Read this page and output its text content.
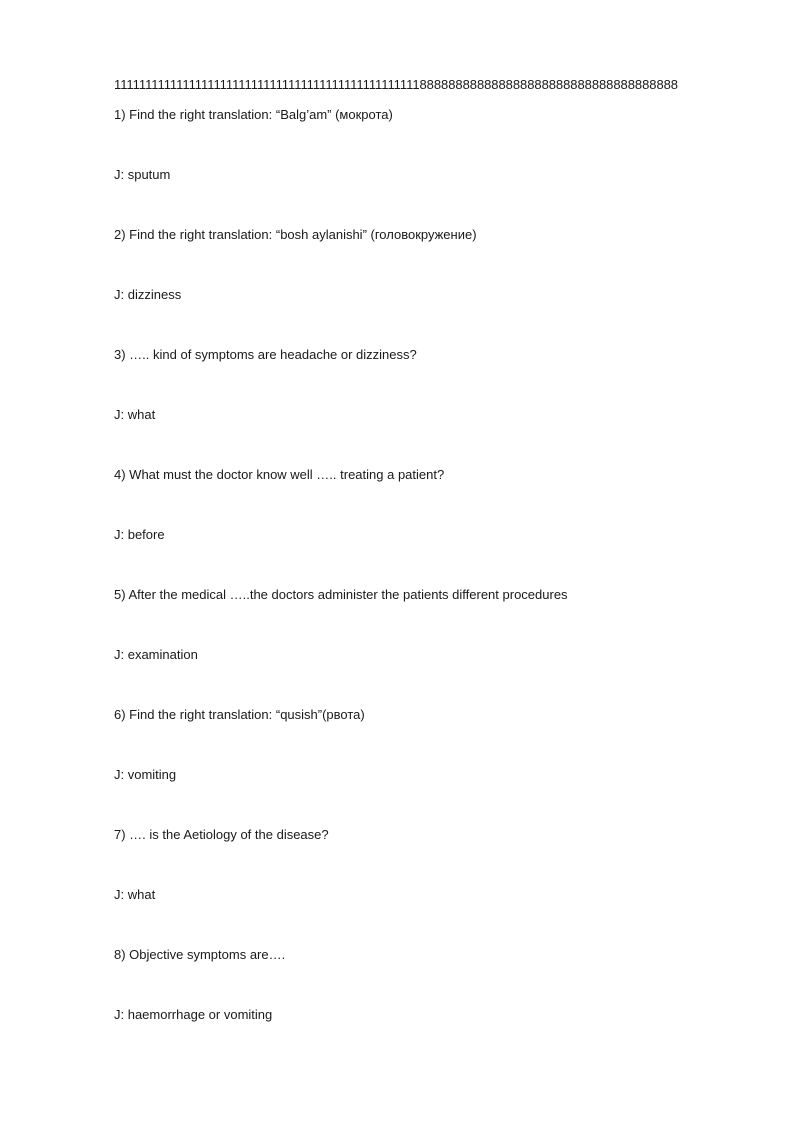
1111111111111111111111111111111111111111111111111888888888888888888888888888888888888
1) Find the right translation: “Balg’am” (мокрота)
J: sputum
2) Find the right translation: “bosh aylanishi” (головокружение)
J: dizziness
3) ….. kind of symptoms are headache or dizziness?
J: what
4) What must the doctor know well ….. treating a patient?
J: before
5) After the medical …..the doctors administer the patients different procedures
J: examination
6) Find the right translation: “qusish”(рвота)
J: vomiting
7) …. is the Aetiology of the disease?
J: what
8) Objective symptoms are….
J: haemorrhage or vomiting
